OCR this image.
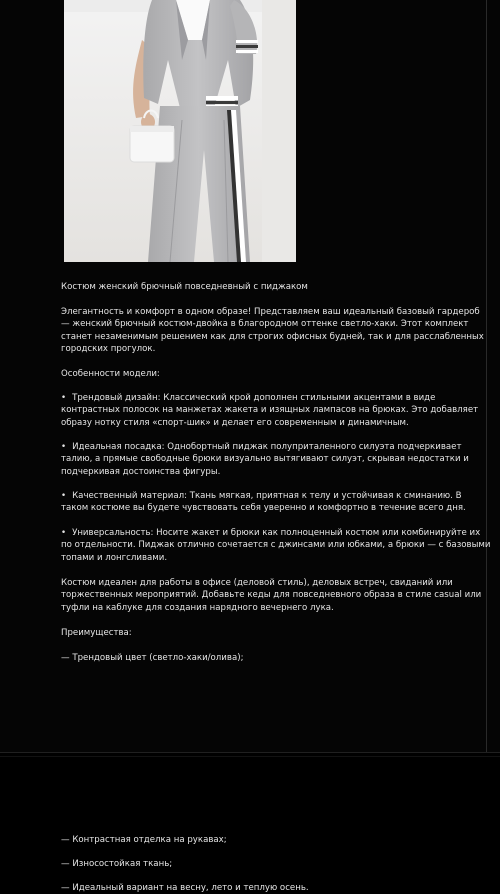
Костюм женский брючный повседневный с пиджаком
Элегантность и комфорт в одном образе! Представляем ваш идеальный базовый гардероб — женский брючный костюм-двойка в благородном оттенке светло-хаки. Этот комплект станет незаменимым решением как для строгих офисных будней, так и для расслабленных городских прогулок.
Особенности модели:
• Трендовый дизайн: Классический крой дополнен стильными акцентами в виде контрастных полосок на манжетах жакета и изящных лампасов на брюках. Это добавляет образу нотку стиля «спорт-шик» и делает его современным и динамичным.
• Идеальная посадка: Однобортный пиджак полуприталенного силуэта подчеркивает талию, а прямые свободные брюки визуально вытягивают силуэт, скрывая недостатки и подчеркивая достоинства фигуры.
• Качественный материал: Ткань мягкая, приятная к телу и устойчивая к сминанию. В таком костюме вы будете чувствовать себя уверенно и комфортно в течение всего дня.
• Универсальность: Носите жакет и брюки как полноценный костюм или комбинируйте их по отдельности. Пиджак отлично сочетается с джинсами или юбками, а брюки — с базовыми топами и лонгсливами.
Костюм идеален для работы в офисе (деловой стиль), деловых встреч, свиданий или торжественных мероприятий. Добавьте кеды для повседневного образа в стиле casual или туфли на каблуке для создания нарядного вечернего лука.
Преимущества:
— Трендовый цвет (светло-хаки/олива);
— Контрастная отделка на рукавах;
— Износостойкая ткань;
— Идеальный вариант на весну, лето и теплую осень.
